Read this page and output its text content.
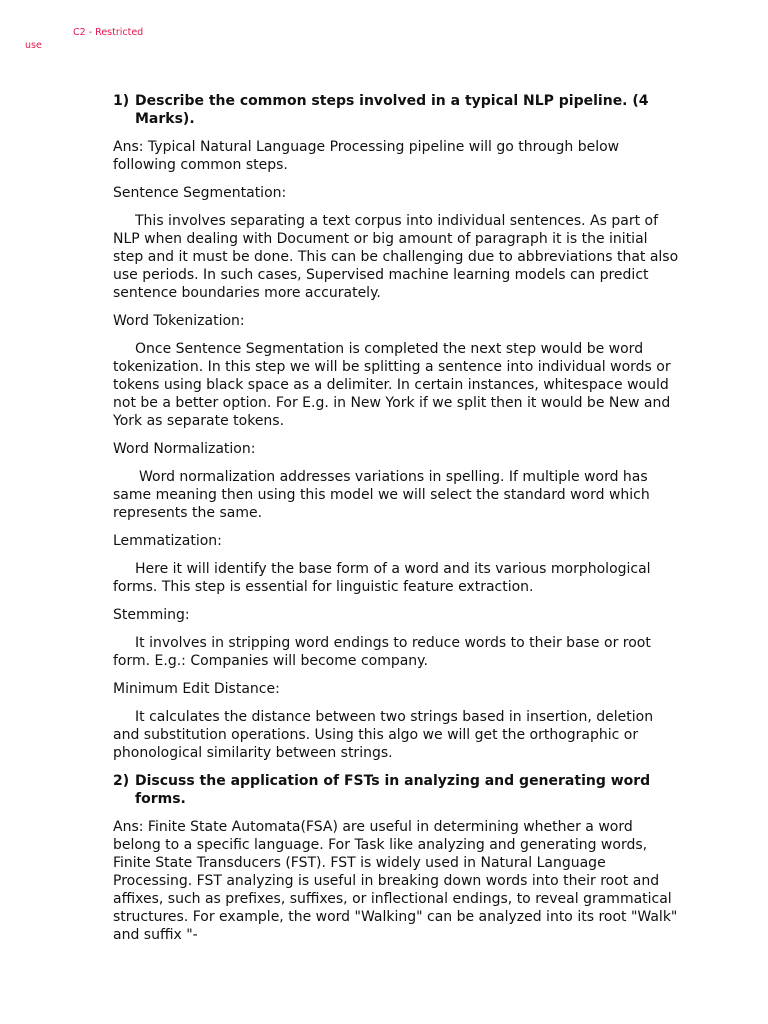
C2 - Restricted
use
1) Describe the common steps involved in a typical NLP pipeline. (4 Marks).

Ans: Typical Natural Language Processing pipeline will go through below following common steps.

Sentence Segmentation:

This involves separating a text corpus into individual sentences. As part of NLP when dealing with Document or big amount of paragraph it is the initial step and it must be done. This can be challenging due to abbreviations that also use periods. In such cases, Supervised machine learning models can predict sentence boundaries more accurately.

Word Tokenization:

Once Sentence Segmentation is completed the next step would be word tokenization. In this step we will be splitting a sentence into individual words or tokens using black space as a delimiter. In certain instances, whitespace would not be a better option. For E.g. in New York if we split then it would be New and York as separate tokens.

Word Normalization:

Word normalization addresses variations in spelling. If multiple word has same meaning then using this model we will select the standard word which represents the same.

Lemmatization:

Here it will identify the base form of a word and its various morphological forms. This step is essential for linguistic feature extraction.

Stemming:

It involves in stripping word endings to reduce words to their base or root form. E.g.: Companies will become company.

Minimum Edit Distance:

It calculates the distance between two strings based in insertion, deletion and substitution operations. Using this algo we will get the orthographic or phonological similarity between strings.

2) Discuss the application of FSTs in analyzing and generating word forms.

Ans: Finite State Automata(FSA) are useful in determining whether a word belong to a specific language. For Task like analyzing and generating words, Finite State Transducers (FST). FST is widely used in Natural Language Processing. FST analyzing is useful in breaking down words into their root and affixes, such as prefixes, suffixes, or inflectional endings, to reveal grammatical structures. For example, the word "Walking" can be analyzed into its root "Walk" and suffix "-
